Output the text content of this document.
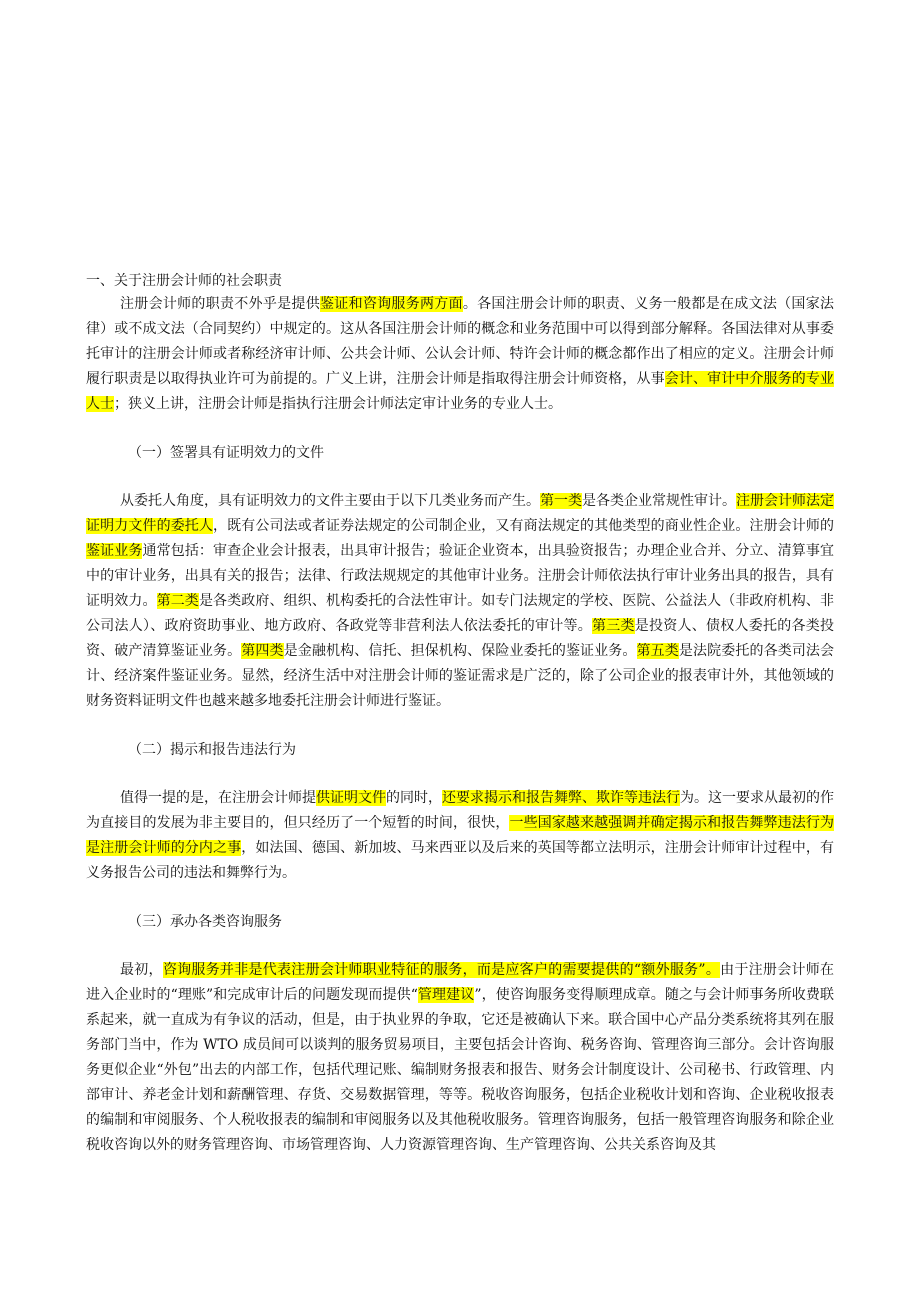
一、关于注册会计师的社会职责

注册会计师的职责不外乎是提供鉴证和咨询服务两方面。各国注册会计师的职责、义务一般都是在成文法（国家法律）或不成文法（合同契约）中规定的。这从各国注册会计师的概念和业务范围中可以得到部分解释。各国法律对从事委托审计的注册会计师或者称经济审计师、公共会计师、公认会计师、特许会计师的概念都作出了相应的定义。注册会计师履行职责是以取得执业许可为前提的。广义上讲，注册会计师是指取得注册会计师资格，从事会计、审计中介服务的专业人士；狭义上讲，注册会计师是指执行注册会计师法定审计业务的专业人士。

（一）签署具有证明效力的文件

从委托人角度，具有证明效力的文件主要由于以下几类业务而产生。第一类是各类企业常规性审计。注册会计师法定证明力文件的委托人，既有公司法或者证券法规定的公司制企业，又有商法规定的其他类型的商业性企业。注册会计师的鉴证业务通常包括：审查企业会计报表，出具审计报告；验证企业资本，出具验资报告；办理企业合并、分立、清算事宜中的审计业务，出具有关的报告；法律、行政法规规定的其他审计业务。注册会计师依法执行审计业务出具的报告，具有证明效力。第二类是各类政府、组织、机构委托的合法性审计。如专门法规定的学校、医院、公益法人（非政府机构、非公司法人）、政府资助事业、地方政府、各政党等非营利法人依法委托的审计等。第三类是投资人、债权人委托的各类投资、破产清算鉴证业务。第四类是金融机构、信托、担保机构、保险业委托的鉴证业务。第五类是法院委托的各类司法会计、经济案件鉴证业务。显然，经济生活中对注册会计师的鉴证需求是广泛的，除了公司企业的报表审计外，其他领域的财务资料证明文件也越来越多地委托注册会计师进行鉴证。

（二）揭示和报告违法行为

值得一提的是，在注册会计师提供证明文件的同时，还要求揭示和报告舞弊、欺诈等违法行为。这一要求从最初的作为直接目的发展为非主要目的，但只经历了一个短暂的时间，很快，一些国家越来越强调并确定揭示和报告舞弊违法行为是注册会计师的分内之事，如法国、德国、新加坡、马来西亚以及后来的英国等都立法明示，注册会计师审计过程中，有义务报告公司的违法和舞弊行为。

（三）承办各类咨询服务

最初，咨询服务并非是代表注册会计师职业特征的服务，而是应客户的需要提供的“额外服务”。由于注册会计师在进入企业时的“理账”和完成审计后的问题发现而提供“管理建议”，使咨询服务变得顺理成章。随之与会计师事务所收费联系起来，就一直成为有争议的活动，但是，由于执业界的争取，它还是被确认下来。联合国中心产品分类系统将其列在服务部门当中，作为 WTO 成员间可以谈判的服务贸易项目，主要包括会计咨询、税务咨询、管理咨询三部分。会计咨询服务更似企业“外包”出去的内部工作，包括代理记账、编制财务报表和报告、财务会计制度设计、公司秘书、行政管理、内部审计、养老金计划和薪酬管理、存货、交易数据管理，等等。税收咨询服务，包括企业税收计划和咨询、企业税收报表的编制和审阅服务、个人税收报表的编制和审阅服务以及其他税收服务。管理咨询服务，包括一般管理咨询服务和除企业税收咨询以外的财务管理咨询、市场管理咨询、人力资源管理咨询、生产管理咨询、公共关系咨询及其
